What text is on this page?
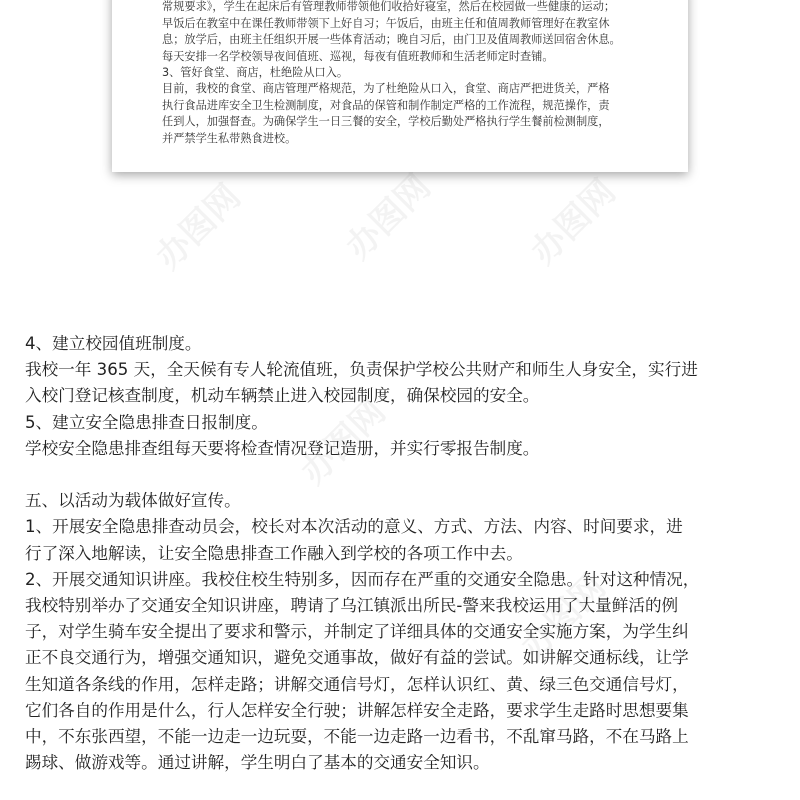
办图网	办图网 办图网
办图网
办图网
常规要求》，学生在起床后有管理教师带领他们收拾好寝室，然后在校园做一些健康的运动；
早饭后在教室中在课任教师带领下上好自习；午饭后，由班主任和值周教师管理好在教室休
息；放学后，由班主任组织开展一些体育活动；晚自习后，由门卫及值周教师送回宿舍休息。
每天安排一名学校领导夜间值班、巡视，每夜有值班教师和生活老师定时查铺。
3、管好食堂、商店，杜绝险从口入。
目前，我校的食堂、商店管理严格规范，为了杜绝险从口入，食堂、商店严把进货关，严格
执行食品进库安全卫生检测制度，对食品的保管和制作制定严格的工作流程，规范操作，责
任到人，加强督查。为确保学生一日三餐的安全，学校后勤处严格执行学生餐前检测制度，
并严禁学生私带熟食进校。
4、建立校园值班制度。
我校一年 365 天，全天候有专人轮流值班，负责保护学校公共财产和师生人身安全，实行进
入校门登记核查制度，机动车辆禁止进入校园制度，确保校园的安全。
5、建立安全隐患排查日报制度。
学校安全隐患排查组每天要将检查情况登记造册，并实行零报告制度。
五、以活动为载体做好宣传。
1、开展安全隐患排查动员会，校长对本次活动的意义、方式、方法、内容、时间要求，进
行了深入地解读，让安全隐患排查工作融入到学校的各项工作中去。
2、开展交通知识讲座。我校住校生特别多，因而存在严重的交通安全隐患。针对这种情况，
我校特别举办了交通安全知识讲座，聘请了乌江镇派出所民-警来我校运用了大量鲜活的例
子，对学生骑车安全提出了要求和警示，并制定了详细具体的交通安全实施方案，为学生纠
正不良交通行为，增强交通知识，避免交通事故，做好有益的尝试。如讲解交通标线，让学
生知道各条线的作用，怎样走路；讲解交通信号灯，怎样认识红、黄、绿三色交通信号灯，
它们各自的作用是什么，行人怎样安全行驶；讲解怎样安全走路，要求学生走路时思想要集
中，不东张西望，不能一边走一边玩耍，不能一边走路一边看书，不乱窜马路，不在马路上
踢球、做游戏等。通过讲解，学生明白了基本的交通安全知识。
